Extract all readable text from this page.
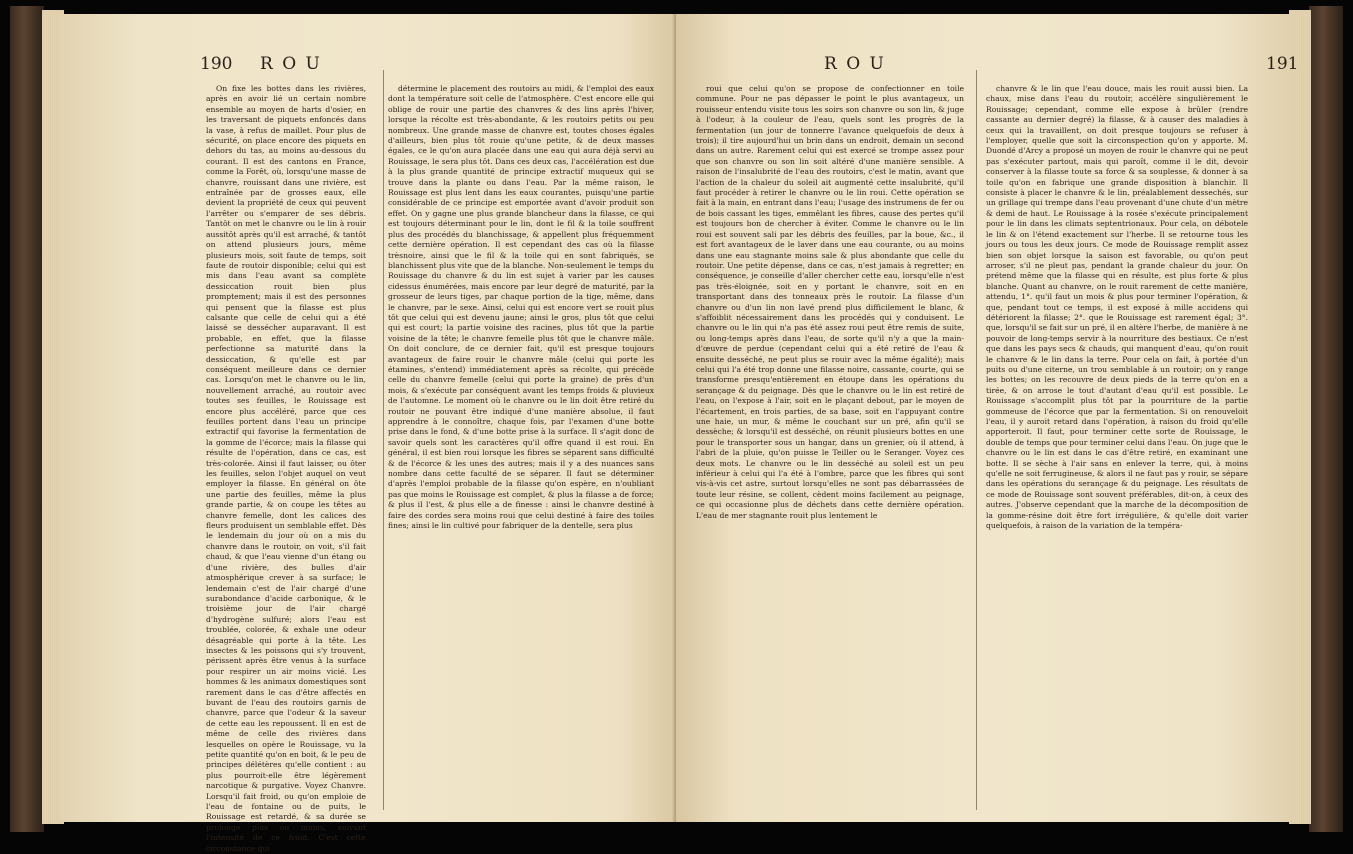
190 R O U

On fixe les bottes dans les rivières, après en avoir lié un certain nombre ensemble au moyen de harts d'osier, en les traversant de piquets enfoncés dans la vase, à refus de maillet. Pour plus de sécurité, on place encore des piquets en dehors du tas, au moins au-dessous du courant. Il est des cantons en France, comme la Forêt, où, lorsqu'une masse de chanvre, rouissant dans une rivière, est entraînée par de grosses eaux, elle devient la propriété de ceux qui peuvent l'arrêter ou s'emparer de ses débris. Tantôt on met le chanvre ou le lin à rouir aussitôt après qu'il est arraché, & tantôt on attend plusieurs jours, même plusieurs mois, soit faute de temps, soit faute de routoir disponible; celui qui est mis dans l'eau avant sa complète dessiccation rouit bien plus promptement; mais il est des personnes qui pensent que la filasse est plus calsante que celle de celui qui a été laissé se dessécher auparavant. Il est probable, en effet, que la filasse perfectionne sa maturité dans la dessiccation, & qu'elle est par conséquent meilleure dans ce dernier cas. Lorsqu'on met le chanvre ou le lin, nouvellement arraché, au routoir avec toutes ses feuilles, le Rouissage est encore plus accéléré, parce que ces feuilles portent dans l'eau un principe extractif qui favorise la fermentation de la gomme de l'écorce; mais la filasse qui résulte de l'opération, dans ce cas, est très-colorée. Ainsi il faut laisser, ou ôter les feuilles, selon l'objet auquel on veut employer la filasse. En général on ôte une partie des feuilles, même la plus grande partie, & on coupe les têtes au chanvre femelle, dont les calices des fleurs produisent un semblable effet. Dès le lendemain du jour où on a mis du chanvre dans le routoir, on voit, s'il fait chaud, & que l'eau vienne d'un étang ou d'une rivière, des bulles d'air atmosphérique crever à sa surface; le lendemain c'est de l'air chargé d'une surabondance d'acide carbonique, & le troisième jour de l'air chargé d'hydrogène sulfuré; alors l'eau est troublée, colorée, & exhale une odeur désagréable qui porte à la tête. Les insectes & les poissons qui s'y trouvent, périssent après être venus à la surface pour respirer un air moins vicié. Les hommes & les animaux domestiques sont rarement dans le cas d'être affectés en buvant de l'eau des routoirs garnis de chanvre, parce que l'odeur & la saveur de cette eau les repoussent. Il en est de même de celle des rivières dans lesquelles on opère le Rouissage, vu la petite quantité qu'on en boit, & le peu de principes délétères qu'elle contient : au plus pourroit-elle être légèrement narcotique & purgative. Voyez Chanvre. Lorsqu'il fait froid, ou qu'on emploie de l'eau de fontaine ou de puits, le Rouissage est retardé, & sa durée se prolonge plus ou moins, suivant l'intensité de ce froid. C'est cette circonstance qui

détermine le placement des routoirs au midi, & l'emploi des eaux dont la température soit celle de l'atmosphère. C'est encore elle qui oblige de rouir une partie des chanvres & des lins après l'hiver, lorsque la récolte est très-abondante, & les routoirs petits ou peu nombreux. Une grande masse de chanvre est, toutes choses égales d'ailleurs, bien plus tôt rouie qu'une petite, & de deux masses égales, ce le qu'on aura placée dans une eau qui aura déjà servi au Rouissage, le sera plus tôt. Dans ces deux cas, l'accélération est due à la plus grande quantité de principe extractif muqueux qui se trouve dans la plante ou dans l'eau. Par la même raison, le Rouissage est plus lent dans les eaux courantes, puisqu'une partie considérable de ce principe est emportée avant d'avoir produit son effet. On y gagne une plus grande blancheur dans la filasse, ce qui est toujours déterminant pour le lin, dont le fil & la toile souffrent plus des procédés du blanchissage, & appellent plus fréquemment cette dernière opération. Il est cependant des cas où la filasse trèsnoire, ainsi que le fil & la toile qui en sont fabriqués, se blanchissent plus vite que de la blanche. Non-seulement le temps du Rouissage du chanvre & du lin est sujet à varier par les causes cidessus énumérées, mais encore par leur degré de maturité, par la grosseur de leurs tiges, par chaque portion de la tige, même, dans le chanvre, par le sexe. Ainsi, celui qui est encore vert se rouit plus tôt que celui qui est devenu jaune; ainsi le gros, plus tôt que celui qui est court; la partie voisine des racines, plus tôt que la partie voisine de la tête; le chanvre femelle plus tôt que le chanvre mâle. On doit conclure, de ce dernier fait, qu'il est presque toujours avantageux de faire rouir le chanvre mâle (celui qui porte les étamines, s'entend) immédiatement après sa récolte, qui précède celle du chanvre femelle (celui qui porte la graine) de près d'un mois, & s'exécute par conséquent avant les temps froids & pluvieux de l'automne. Le moment où le chanvre ou le lin doit être retiré du routoir ne pouvant être indiqué d'une manière absolue, il faut apprendre à le connoître, chaque fois, par l'examen d'une botte prise dans le fond, & d'une botte prise à la surface. Il s'agit donc de savoir quels sont les caractères qu'il offre quand il est roui. En général, il est bien roui lorsque les fibres se séparent sans difficulté & de l'écorce & les unes des autres; mais il y a des nuances sans nombre dans cette faculté de se séparer. Il faut se déterminer d'après l'emploi probable de la filasse qu'on espère, en n'oubliant pas que moins le Rouissage est complet, & plus la filasse a de force; & plus il l'est, & plus elle a de finesse : ainsi le chanvre destiné à faire des cordes sera moins roui que celui destiné à faire des toiles fines; ainsi le lin cultivé pour fabriquer de la dentelle, sera plus

R O U

roui que celui qu'on se propose de confectionner en toile commune. Pour ne pas dépasser le point le plus avantageux, un rouisseur entendu visite tous les soirs son chanvre ou son lin, & juge à l'odeur, à la couleur de l'eau, quels sont les progrès de la fermentation (un jour de tonnerre l'avance quelquefois de deux à trois); il tire aujourd'hui un brin dans un endroit, demain un second dans un autre. Rarement celui qui est exercé se trompe assez pour que son chanvre ou son lin soit altéré d'une manière sensible. A raison de l'insalubrité de l'eau des routoirs, c'est le matin, avant que l'action de la chaleur du soleil ait augmenté cette insalubrité, qu'il faut procéder à retirer le chanvre ou le lin roui. Cette opération se fait à la main, en entrant dans l'eau; l'usage des instrumens de fer ou de bois cassant les tiges, emmêlant les fibres, cause des pertes qu'il est toujours bon de chercher à éviter. Comme le chanvre ou le lin roui est souvent sali par les débris des feuilles, par la boue, &c., il est fort avantageux de le laver dans une eau courante, ou au moins dans une eau stagnante moins sale & plus abondante que celle du routoir. Une petite dépense, dans ce cas, n'est jamais à regretter; en conséquence, je conseille d'aller chercher cette eau, lorsqu'elle n'est pas très-éloignée, soit en y portant le chanvre, soit en en transportant dans des tonneaux près le routoir. La filasse d'un chanvre ou d'un lin non lavé prend plus difficilement le blanc, & s'affoiblit nécessairement dans les procédés qui y conduisent. Le chanvre ou le lin qui n'a pas été assez roui peut être remis de suite, ou long-temps après dans l'eau, de sorte qu'il n'y a que la main-d'œuvre de perdue (cependant celui qui a été retiré de l'eau & ensuite desséché, ne peut plus se rouir avec la même égalité); mais celui qui l'a été trop donne une filasse noire, cassante, courte, qui se transforme presqu'entièrement en étoupe dans les opérations du serançage & du peignage. Dès que le chanvre ou le lin est retiré de l'eau, on l'expose à l'air, soit en le plaçant debout, par le moyen de l'écartement, en trois parties, de sa base, soit en l'appuyant contre une haie, un mur, & même le couchant sur un pré, afin qu'il se dessèche; & lorsqu'il est desséché, on réunit plusieurs bottes en une pour le transporter sous un hangar, dans un grenier, où il attend, à l'abri de la pluie, qu'on puisse le Teiller ou le Seranger. Voyez ces deux mots. Le chanvre ou le lin desséché au soleil est un peu inférieur à celui qui l'a été à l'ombre, parce que les fibres qui sont vis-à-vis cet astre, surtout lorsqu'elles ne sont pas débarrassées de toute leur résine, se collent, cèdent moins facilement au peignage, ce qui occasionne plus de déchets dans cette dernière opération. L'eau de mer stagnante rouit plus lentement le

191

chanvre & le lin que l'eau douce, mais les rouit aussi bien. La chaux, mise dans l'eau du routoir, accélère singulièrement le Rouissage; cependant, comme elle expose à brûler (rendre cassante au dernier degré) la filasse, & à causer des maladies à ceux qui la travaillent, on doit presque toujours se refuser à l'employer, quelle que soit la circonspection qu'on y apporte. M. Duondé d'Arcy a proposé un moyen de rouir le chanvre qui ne peut pas s'exécuter partout, mais qui paroît, comme il le dit, devoir conserver à la filasse toute sa force & sa souplesse, & donner à sa toile qu'on en fabrique une grande disposition à blanchir. Il consiste à placer le chanvre & le lin, préalablement dessechés, sur un grillage qui trempe dans l'eau provenant d'une chute d'un mètre & demi de haut. Le Rouissage à la rosée s'exécute principalement pour le lin dans les climats septentrionaux. Pour cela, on débotele le lin & on l'étend exactement sur l'herbe. Il se retourne tous les jours ou tous les deux jours. Ce mode de Rouissage remplit assez bien son objet lorsque la saison est favorable, ou qu'on peut arroser, s'il ne pleut pas, pendant la grande chaleur du jour. On prétend même que la filasse qui en résulte, est plus forte & plus blanche. Quant au chanvre, on le rouit rarement de cette manière, attendu, 1°. qu'il faut un mois & plus pour terminer l'opération, & que, pendant tout ce temps, il est exposé à mille accidens qui détériorent la filasse; 2°. que le Rouissage est rarement égal; 3°. que, lorsqu'il se fait sur un pré, il en altère l'herbe, de manière à ne pouvoir de long-temps servir à la nourriture des bestiaux. Ce n'est que dans les pays secs & chauds, qui manquent d'eau, qu'on rouit le chanvre & le lin dans la terre. Pour cela on fait, à portée d'un puits ou d'une citerne, un trou semblable à un routoir; on y range les bottes; on les recouvre de deux pieds de la terre qu'on en a tirée, & on arrose le tout d'autant d'eau qu'il est possible. Le Rouissage s'accomplit plus tôt par la pourriture de la partie gommeuse de l'écorce que par la fermentation. Si on renouveloit l'eau, il y auroit retard dans l'opération, à raison du froid qu'elle apporteroit. Il faut, pour terminer cette sorte de Rouissage, le double de temps que pour terminer celui dans l'eau. On juge que le chanvre ou le lin est dans le cas d'être retiré, en examinant une botte. Il se sèche à l'air sans en enlever la terre, qui, à moins qu'elle ne soit ferrugineuse, & alors il ne faut pas y rouir, se sépare dans les opérations du serançage & du peignage. Les résultats de ce mode de Rouissage sont souvent préférables, dit-on, à ceux des autres. J'observe cependant que la marche de la décomposition de la gomme-résine doit être fort irrégulière, & qu'elle doit varier quelquefois, à raison de la variation de la tempéra-
